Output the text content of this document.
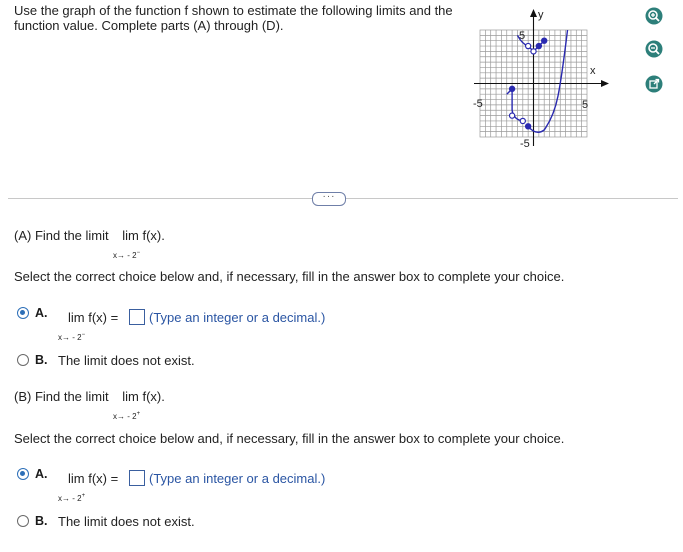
Use the graph of the function f shown to estimate the following limits and the function value. Complete parts (A) through (D).
y
x
5
-5
-5	5
···
(A) Find the limit lim f(x).
x→ - 2−
Select the correct choice below and, if necessary, fill in the answer box to complete your choice.
A. lim f(x) = (Type an integer or a decimal.)
x→ - 2−
B. The limit does not exist.
(B) Find the limit lim f(x).
x→ - 2+
Select the correct choice below and, if necessary, fill in the answer box to complete your choice.
A. lim f(x) = (Type an integer or a decimal.)
x→ - 2+
B. The limit does not exist.
